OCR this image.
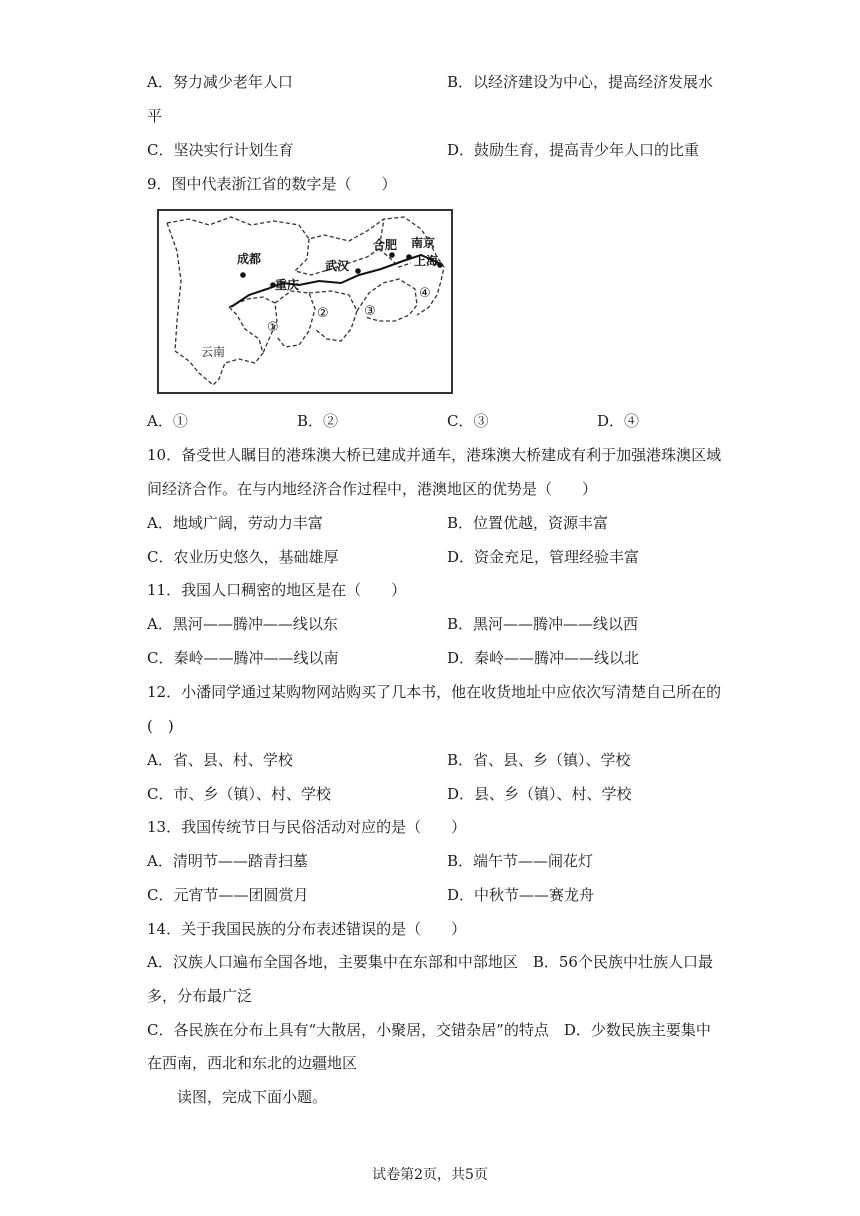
A．努力减少老年人口	B．以经济建设为中心，提高经济发展水
平
C．坚决实行计划生育	D．鼓励生育，提高青少年人口的比重
9．图中代表浙江省的数字是（　　）
成都
重庆
武汉
合肥 南京
上海
云南
①
②	③
④
A．①	B．②	C．③	D．④
10．备受世人瞩目的港珠澳大桥已建成并通车，港珠澳大桥建成有利于加强港珠澳区域
间经济合作。在与内地经济合作过程中，港澳地区的优势是（　　）
A．地域广阔，劳动力丰富	B．位置优越，资源丰富
C．农业历史悠久，基础雄厚	D．资金充足，管理经验丰富
11．我国人口稠密的地区是在（　　）
A．黑河——腾冲——线以东	B．黑河——腾冲——线以西
C．秦岭——腾冲——线以南	D．秦岭——腾冲——线以北
12．小潘同学通过某购物网站购买了几本书，他在收货地址中应依次写清楚自己所在的
(　)
A．省、县、村、学校	B．省、县、乡（镇）、学校
C．市、乡（镇）、村、学校	D．县、乡（镇）、村、学校
13．我国传统节日与民俗活动对应的是（　　）
A．清明节——踏青扫墓	B．端午节——闹花灯
C．元宵节——团圆赏月	D．中秋节——赛龙舟
14．关于我国民族的分布表述错误的是（　　）
A．汉族人口遍布全国各地，主要集中在东部和中部地区　B．56个民族中壮族人口最
多，分布最广泛
C．各民族在分布上具有“大散居，小聚居，交错杂居”的特点　D．少数民族主要集中
在西南，西北和东北的边疆地区
读图，完成下面小题。
试卷第2页，共5页
